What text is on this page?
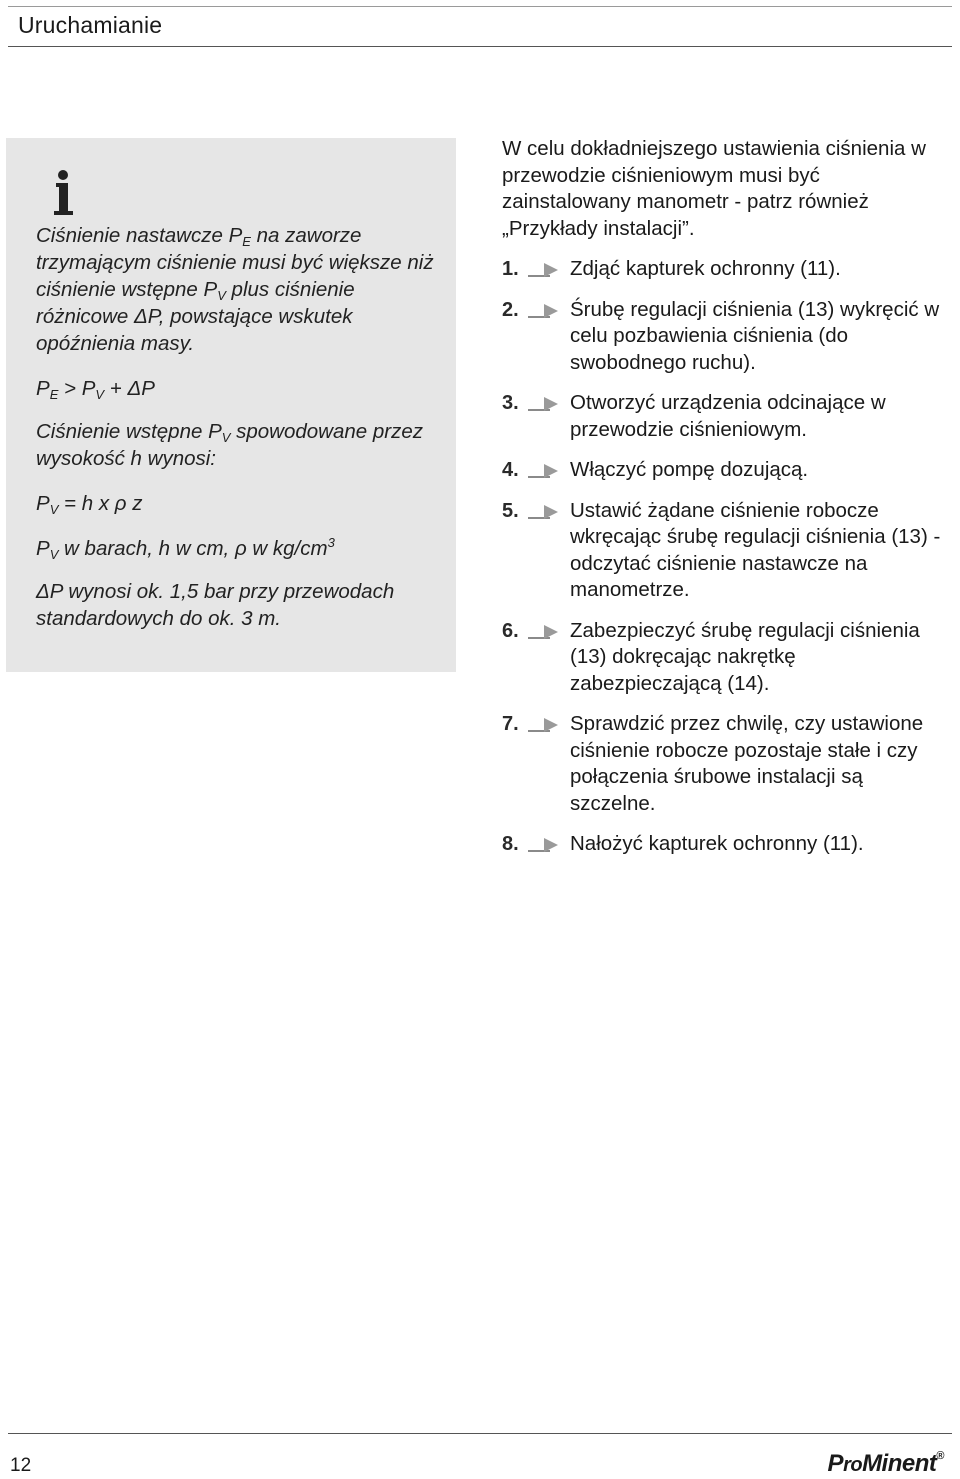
Uruchamianie

Ciśnienie nastawcze $P_E$ na zaworze trzymającym ciśnienie musi być większe niż ciśnienie wstępne $P_V$ plus ciśnienie różnicowe ΔP, powstające wskutek opóźnienia masy.

$P_E > P_V + \Delta P$

Ciśnienie wstępne $P_V$ spowodowane przez wysokość h wynosi:

$P_V = h$ x ρ z

$P_V$ w barach, h w cm, ρ w $kg/cm^3$

ΔP wynosi ok. 1,5 bar przy przewodach standardowych do ok. 3 m.

W celu dokładniejszego ustawienia ciśnienia w przewodzie ciśnieniowym musi być zainstalowany manometr - patrz również „Przykłady instalacji”.

1.	Zdjąć kapturek ochronny (11).
2.	Śrubę regulacji ciśnienia (13) wykręcić w celu pozbawienia ciśnienia (do swobodnego ruchu).
3.	Otworzyć urządzenia odcinające w przewodzie ciśnieniowym.
4.	Włączyć pompę dozującą.
5.	Ustawić żądane ciśnienie robocze wkręcając śrubę regulacji ciśnienia (13) - odczytać ciśnienie nastawcze na manometrze.
6.	Zabezpieczyć śrubę regulacji ciśnienia (13) dokręcając nakrętkę zabezpieczającą (14).
7.	Sprawdzić przez chwilę, czy ustawione ciśnienie robocze pozostaje stałe i czy połączenia śrubowe instalacji są szczelne.
8.	Nałożyć kapturek ochronny (11).
12	ProMinent®
